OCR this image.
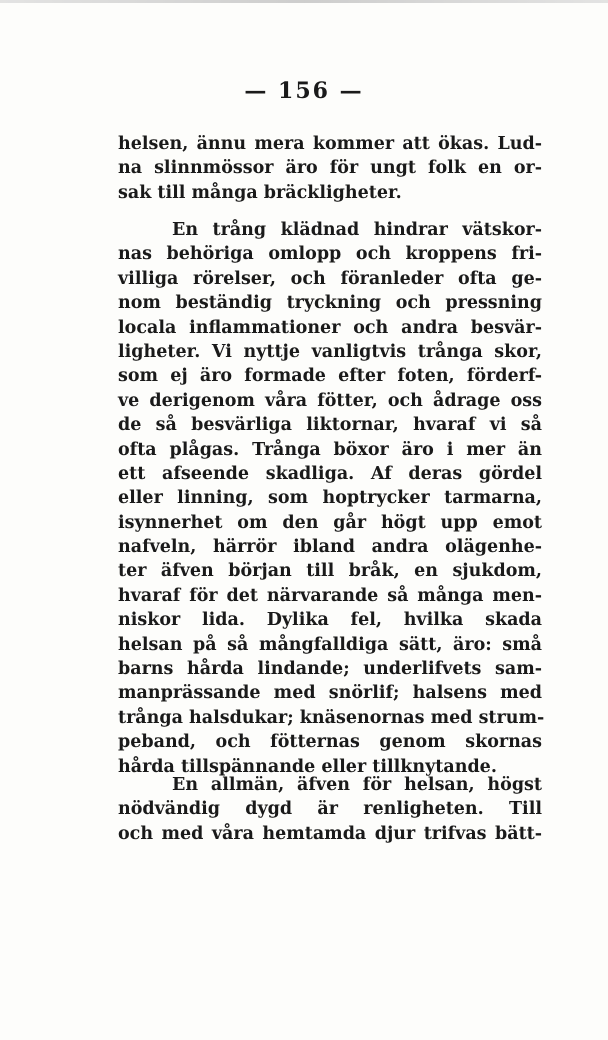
— 156 —
helsen, ännu mera kommer att ökas. Lud-
na slinnmössor äro för ungt folk en or-
sak till många bräckligheter.
En trång klädnad hindrar vätskor-
nas behöriga omlopp och kroppens fri-
villiga rörelser, och föranleder ofta ge-
nom beständig tryckning och pressning
locala inflammationer och andra besvär-
ligheter. Vi nyttje vanligtvis trånga skor,
som ej äro formade efter foten, förderf-
ve derigenom våra fötter, och ådrage oss
de så besvärliga liktornar, hvaraf vi så
ofta plågas. Trånga böxor äro i mer än
ett afseende skadliga. Af deras gördel
eller linning, som hoptrycker tarmarna,
isynnerhet om den går högt upp emot
nafveln, härrör ibland andra olägenhe-
ter äfven början till bråk, en sjukdom,
hvaraf för det närvarande så många men-
niskor lida. Dylika fel, hvilka skada
helsan på så mångfalldiga sätt, äro: små
barns hårda lindande; underlifvets sam-
manprässande med snörlif; halsens med
trånga halsdukar; knäsenornas med strum-
peband, och fötternas genom skornas
hårda tillspännande eller tillknytande.
En allmän, äfven för helsan, högst
nödvändig dygd är renligheten. Till
och med våra hemtamda djur trifvas bätt-
